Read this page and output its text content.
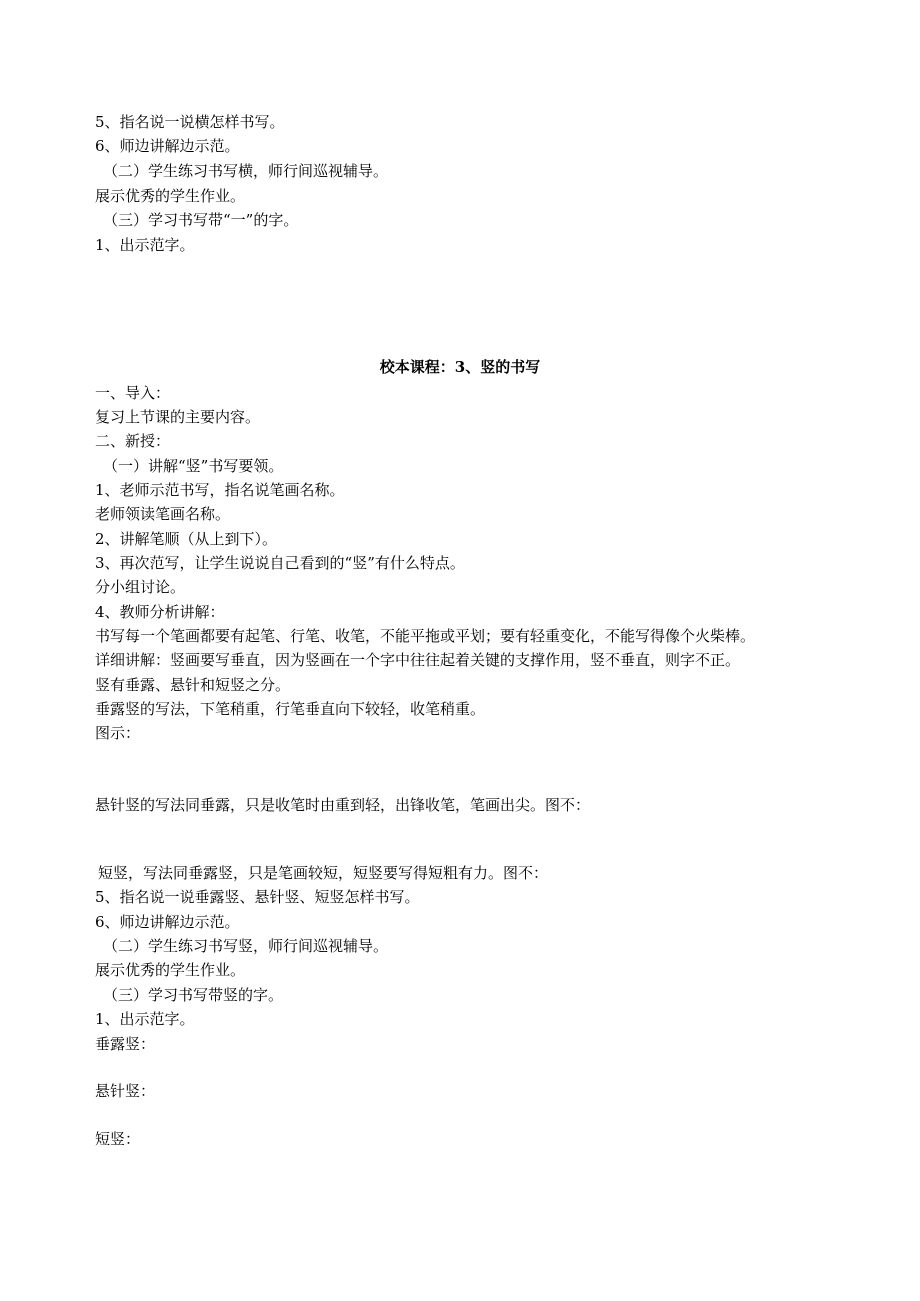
5、指名说一说横怎样书写。
6、师边讲解边示范。
（二）学生练习书写横，师行间巡视辅导。
展示优秀的学生作业。
（三）学习书写带“一”的字。
1、出示范字。
校本课程：3、竖的书写
一、导入：
复习上节课的主要内容。
二、新授：
（一）讲解“竖”书写要领。
1、老师示范书写，指名说笔画名称。
老师领读笔画名称。
2、讲解笔顺（从上到下）。
3、再次范写，让学生说说自己看到的“竖”有什么特点。
分小组讨论。
4、教师分析讲解：
书写每一个笔画都要有起笔、行笔、收笔，不能平拖或平划；要有轻重变化，不能写得像个火柴棒。
详细讲解：竖画要写垂直，因为竖画在一个字中往往起着关键的支撑作用，竖不垂直，则字不正。
竖有垂露、悬针和短竖之分。
垂露竖的写法，下笔稍重，行笔垂直向下较轻，收笔稍重。
图示：
悬针竖的写法同垂露，只是收笔时由重到轻，出锋收笔，笔画出尖。图不：
短竖，写法同垂露竖，只是笔画较短，短竖要写得短粗有力。图不：
5、指名说一说垂露竖、悬针竖、短竖怎样书写。
6、师边讲解边示范。
（二）学生练习书写竖，师行间巡视辅导。
展示优秀的学生作业。
（三）学习书写带竖的字。
1、出示范字。
垂露竖：
悬针竖：
短竖：
